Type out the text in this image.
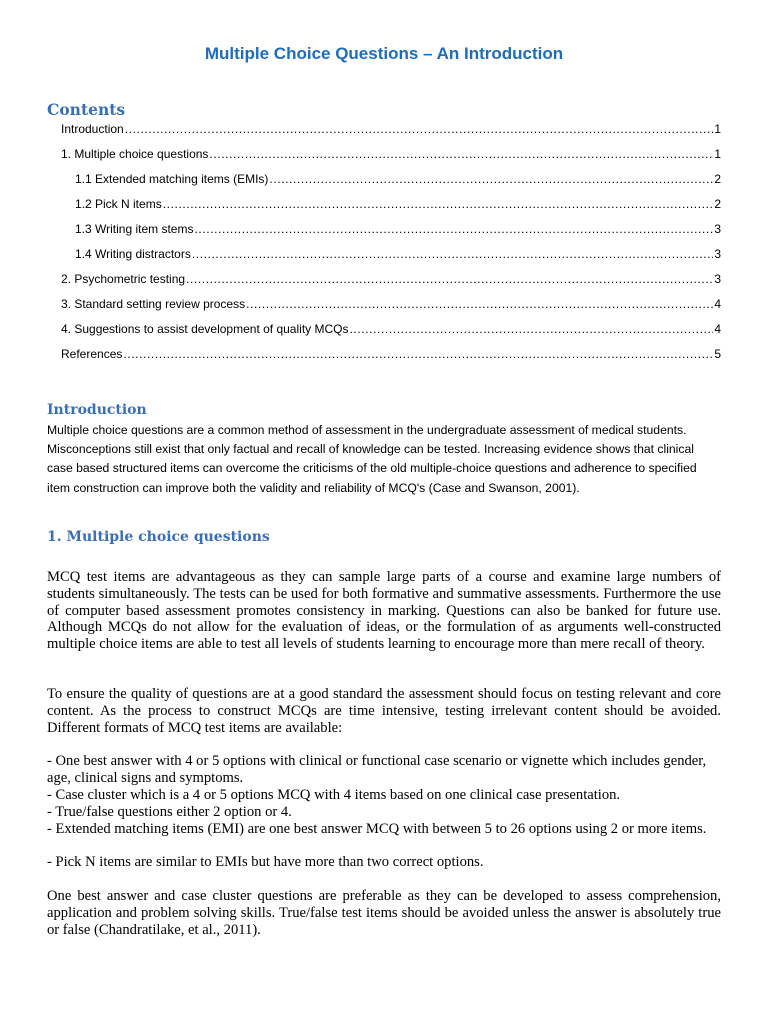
Multiple Choice Questions – An Introduction
Contents
Introduction .....	1
1. Multiple choice questions .....	1
1.1 Extended matching items (EMIs) .....	2
1.2 Pick N items .....	2
1.3 Writing item stems .....	3
1.4 Writing distractors .....	3
2. Psychometric testing .....	3
3. Standard setting review process .....	4
4. Suggestions to assist development of quality MCQs .....	4
References .....	5
Introduction
Multiple choice questions are a common method of assessment in the undergraduate assessment of medical students. Misconceptions still exist that only factual and recall of knowledge can be tested. Increasing evidence shows that clinical case based structured items can overcome the criticisms of the old multiple-choice questions and adherence to specified item construction can improve both the validity and reliability of MCQ's (Case and Swanson, 2001).
1. Multiple choice questions

MCQ test items are advantageous as they can sample large parts of a course and examine large numbers of students simultaneously. The tests can be used for both formative and summative assessments. Furthermore the use of computer based assessment promotes consistency in marking. Questions can also be banked for future use. Although MCQs do not allow for the evaluation of ideas, or the formulation of as arguments well-constructed multiple choice items are able to test all levels of students learning to encourage more than mere recall of theory.

To ensure the quality of questions are at a good standard the assessment should focus on testing relevant and core content. As the process to construct MCQs are time intensive, testing irrelevant content should be avoided. Different formats of MCQ test items are available:

- One best answer with 4 or 5 options with clinical or functional case scenario or vignette which includes gender, age, clinical signs and symptoms.

- Case cluster which is a 4 or 5 options MCQ with 4 items based on one clinical case presentation.

- True/false questions either 2 option or 4.

- Extended matching items (EMI) are one best answer MCQ with between 5 to 26 options using 2 or more items.

- Pick N items are similar to EMIs but have more than two correct options.

One best answer and case cluster questions are preferable as they can be developed to assess comprehension, application and problem solving skills. True/false test items should be avoided unless the answer is absolutely true or false (Chandratilake, et al., 2011).
